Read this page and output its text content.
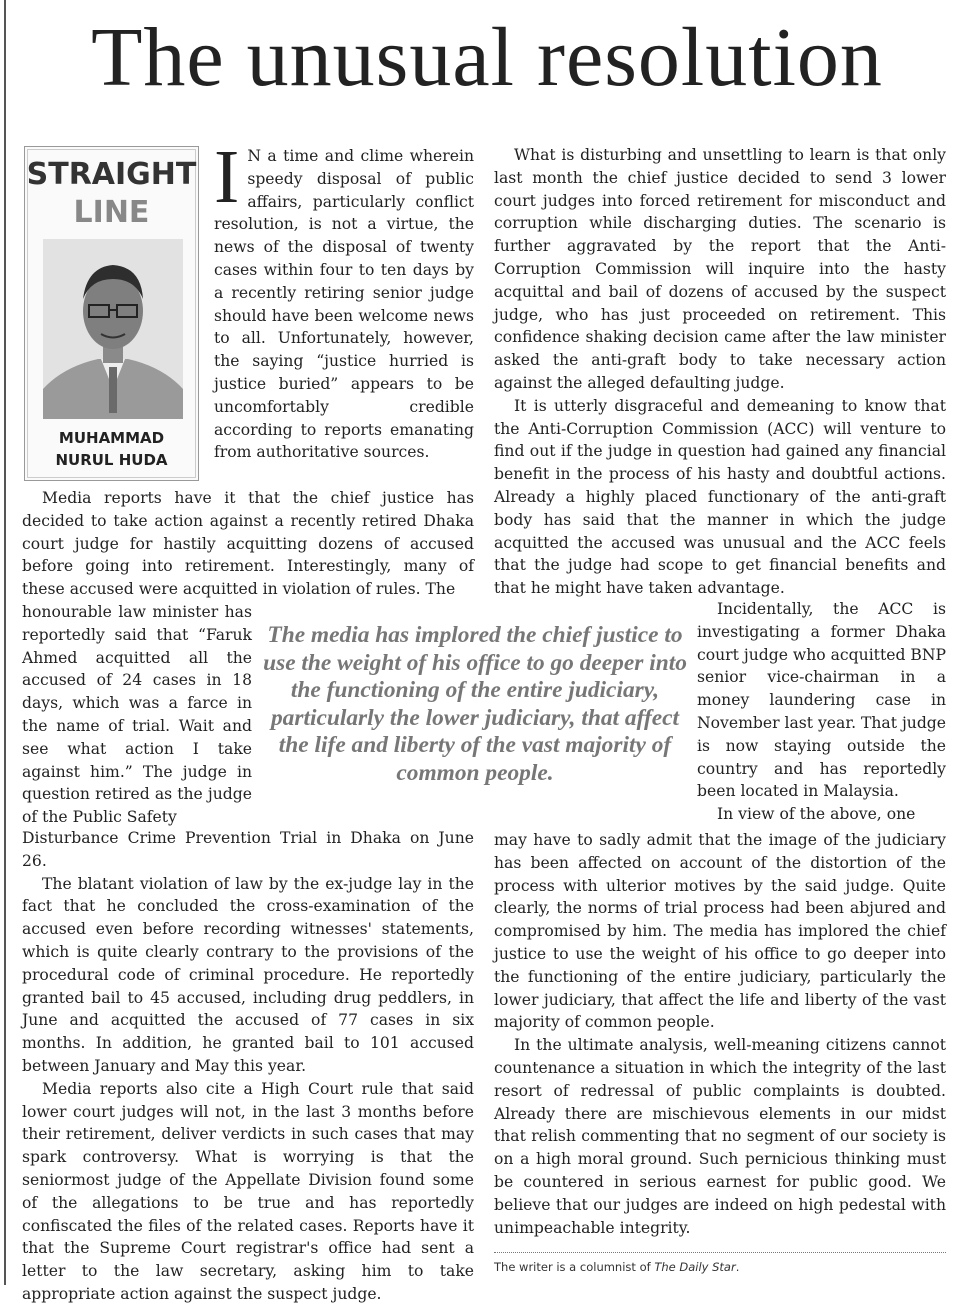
The unusual resolution
STRAIGHT
LINE
MUHAMMAD
NURUL HUDA
I N a time and clime wherein speedy disposal of public affairs, particularly conflict resolution, is not a virtue, the news of the disposal of twenty cases within four to ten days by a recently retiring senior judge should have been welcome news to all. Unfortunately, however, the saying “justice hurried is justice buried” appears to be uncomfortably credible according to reports emanating from authoritative sources.

Media reports have it that the chief justice has decided to take action against a recently retired Dhaka court judge for hastily acquitting dozens of accused before going into retirement. Interestingly, many of these accused were acquitted in violation of rules. The

honourable law minister has reportedly said that “Faruk Ahmed acquitted all the accused of 24 cases in 18 days, which was a farce in the name of trial. Wait and see what action I take against him.” The judge in question retired as the judge of the Public Safety

The media has implored the chief justice to use the weight of his office to go deeper into the functioning of the entire judiciary, particularly the lower judiciary, that affect the life and liberty of the vast majority of common people.

Disturbance Crime Prevention Trial in Dhaka on June 26.

The blatant violation of law by the ex-judge lay in the fact that he concluded the cross-examination of the accused even before recording witnesses' statements, which is quite clearly contrary to the provisions of the procedural code of criminal procedure. He reportedly granted bail to 45 accused, including drug peddlers, in June and acquitted the accused of 77 cases in six months. In addition, he granted bail to 101 accused between January and May this year.

Media reports also cite a High Court rule that said lower court judges will not, in the last 3 months before their retirement, deliver verdicts in such cases that may spark controversy. What is worrying is that the seniormost judge of the Appellate Division found some of the allegations to be true and has reportedly confiscated the files of the related cases. Reports have it that the Supreme Court registrar's office had sent a letter to the law secretary, asking him to take appropriate action against the suspect judge.

What is disturbing and unsettling to learn is that only last month the chief justice decided to send 3 lower court judges into forced retirement for misconduct and corruption while discharging duties. The scenario is further aggravated by the report that the Anti-Corruption Commission will inquire into the hasty acquittal and bail of dozens of accused by the suspect judge, who has just proceeded on retirement. This confidence shaking decision came after the law minister asked the anti-graft body to take necessary action against the alleged defaulting judge.

It is utterly disgraceful and demeaning to know that the Anti-Corruption Commission (ACC) will venture to find out if the judge in question had gained any financial benefit in the process of his hasty and doubtful actions. Already a highly placed functionary of the anti-graft body has said that the manner in which the judge acquitted the accused was unusual and the ACC feels that the judge had scope to get financial benefits and that he might have taken advantage.

Incidentally, the ACC is investigating a former Dhaka court judge who acquitted BNP senior vice-chairman in a money laundering case in November last year. That judge is now staying outside the country and has reportedly been located in Malaysia.

In view of the above, one

may have to sadly admit that the image of the judiciary has been affected on account of the distortion of the process with ulterior motives by the said judge. Quite clearly, the norms of trial process had been abjured and compromised by him. The media has implored the chief justice to use the weight of his office to go deeper into the functioning of the entire judiciary, particularly the lower judiciary, that affect the life and liberty of the vast majority of common people.

In the ultimate analysis, well-meaning citizens cannot countenance a situation in which the integrity of the last resort of redressal of public complaints is doubted. Already there are mischievous elements in our midst that relish commenting that no segment of our society is on a high moral ground. Such pernicious thinking must be countered in serious earnest for public good. We believe that our judges are indeed on high pedestal with unimpeachable integrity.

The writer is a columnist of The Daily Star.
